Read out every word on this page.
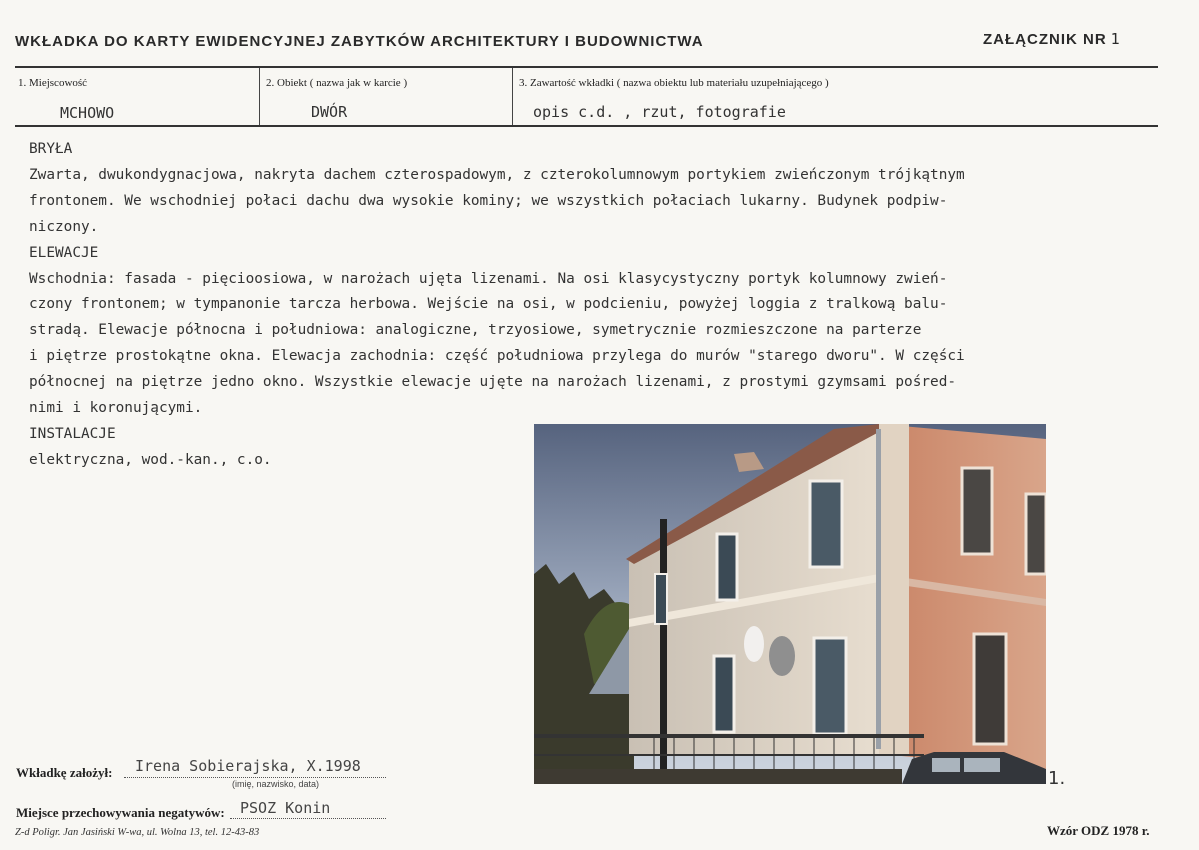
WKŁADKA DO KARTY EWIDENCYJNEJ ZABYTKÓW ARCHITEKTURY I BUDOWNICTWA	ZAŁĄCZNIK NR 1
1. Miejscowość
MCHOWO
2. Obiekt ( nazwa jak w karcie )
DWÓR
3. Zawartość wkładki ( nazwa obiektu lub materiału uzupełniającego )
opis c.d. , rzut, fotografie
BRYŁA
Zwarta, dwukondygnacjowa, nakryta dachem czterospadowym, z czterokolumnowym portykiem zwieńczonym trójkątnym
frontonem. We wschodniej połaci dachu dwa wysokie kominy; we wszystkich połaciach lukarny. Budynek podpiw-
niczony.
ELEWACJE
Wschodnia: fasada - pięcioosiowa, w narożach ujęta lizenami. Na osi klasycystyczny portyk kolumnowy zwień-
czony frontonem; w tympanonie tarcza herbowa. Wejście na osi, w podcieniu, powyżej loggia z tralkową balu-
stradą. Elewacje północna i południowa: analogiczne, trzyosiowe, symetrycznie rozmieszczone na parterze
i piętrze prostokątne okna. Elewacja zachodnia: część południowa przylega do murów "starego dworu". W części
północnej na piętrze jedno okno. Wszystkie elewacje ujęte na narożach lizenami, z prostymi gzymsami pośred-
nimi i koronującymi.
INSTALACJE
elektryczna, wod.-kan., c.o.
1.
Wkładkę założył: Irena Sobierajska, X.1998
(imię, nazwisko, data)
Miejsce przechowywania negatywów: PSOZ Konin
Z-d Poligr. Jan Jasiński W-wa, ul. Wolna 13, tel. 12-43-83	Wzór ODZ 1978 r.
